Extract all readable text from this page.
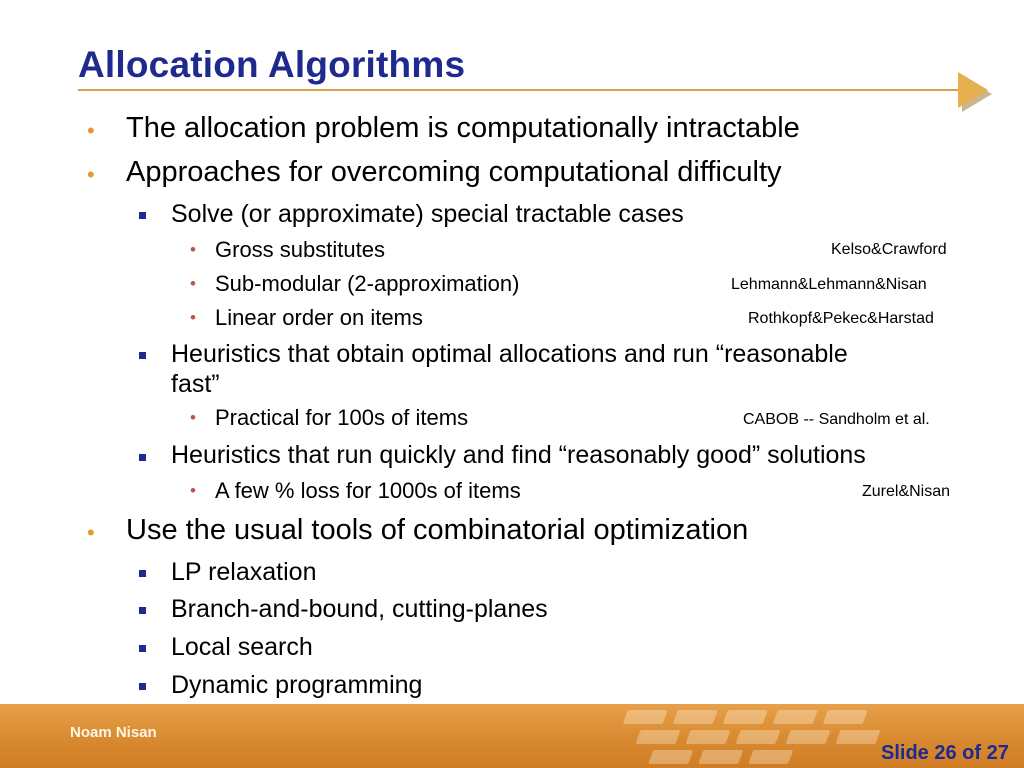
Allocation Algorithms
• The allocation problem is computationally intractable
• Approaches for overcoming computational difficulty
Solve (or approximate) special tractable cases
• Gross substitutes	Kelso&Crawford
• Sub-modular (2-approximation)	Lehmann&Lehmann&Nisan
• Linear order on items	Rothkopf&Pekec&Harstad
Heuristics that obtain optimal allocations and run “reasonable
fast”
• Practical for 100s of items	CABOB -- Sandholm et al.
Heuristics that run quickly and find “reasonably good” solutions
• A few % loss for 1000s of items	Zurel&Nisan
• Use the usual tools of combinatorial optimization
LP relaxation
Branch-and-bound, cutting-planes
Local search
Dynamic programming
Noam Nisan
Slide 26 of 27
